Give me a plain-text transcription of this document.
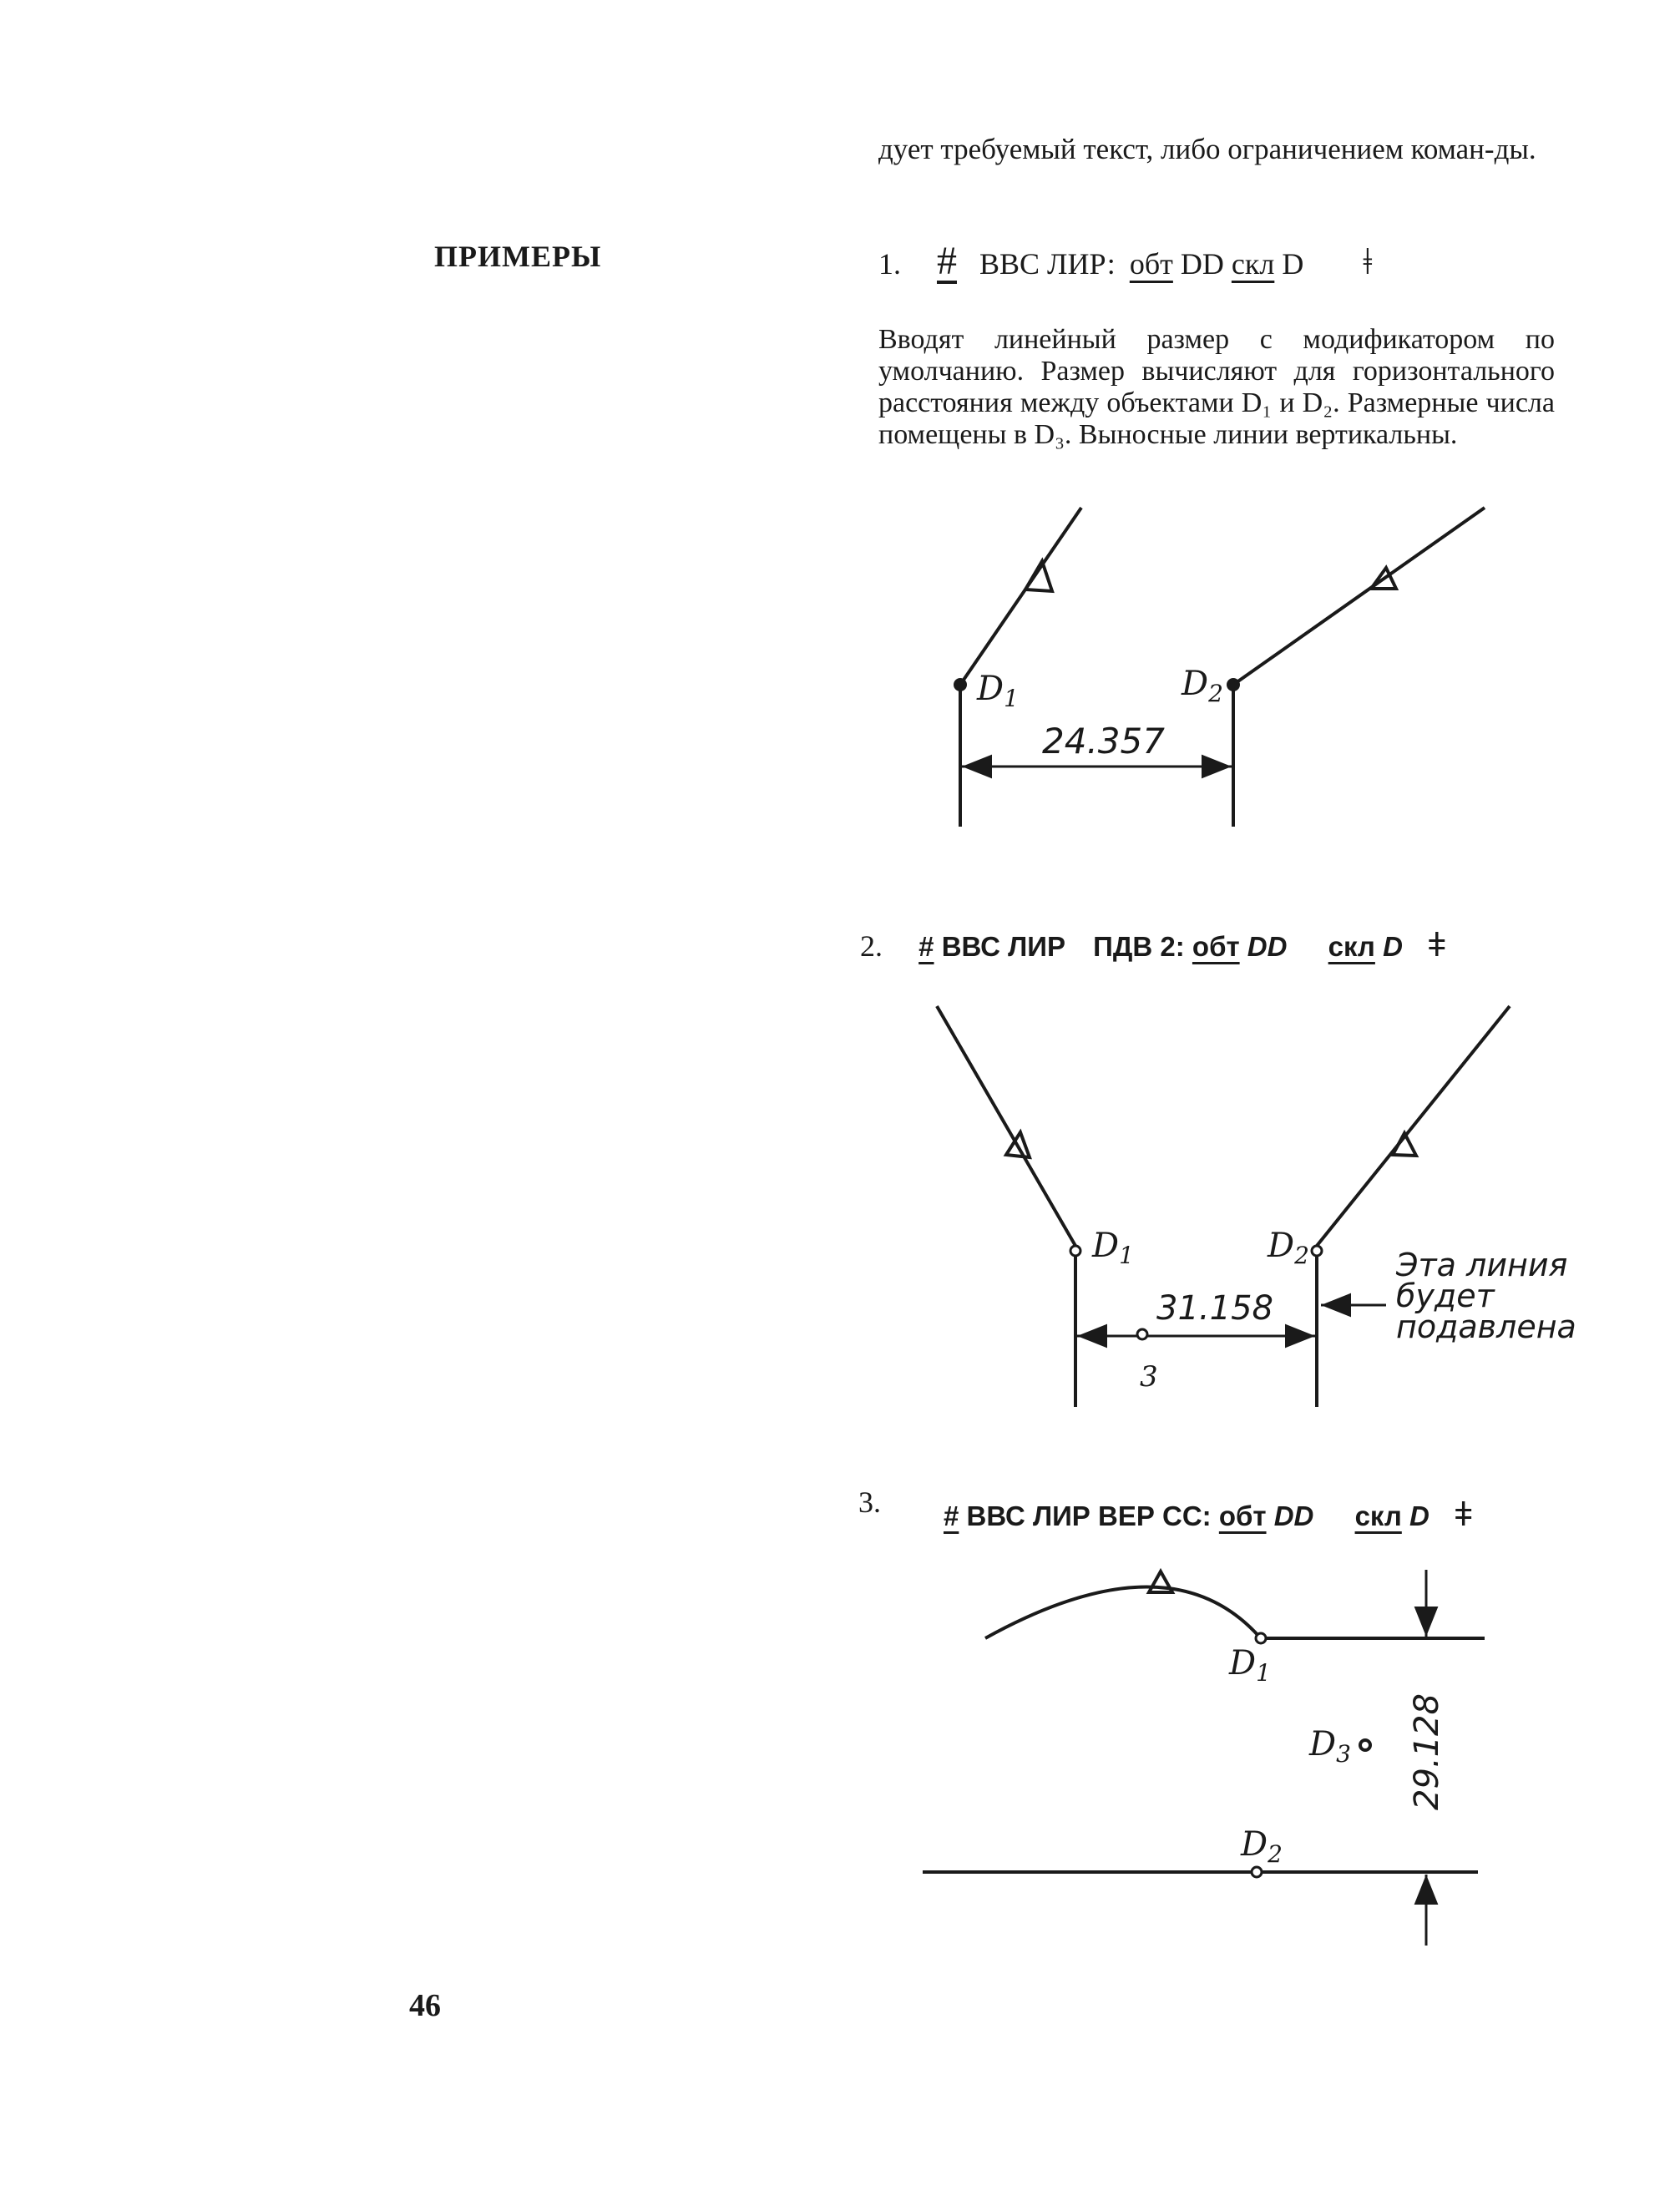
дует требуемый текст, либо ограничением коман-ды.
ПРИМЕРЫ	1. # ВВС ЛИР: обт DD скл D ǂ
Вводят линейный размер с модификатором по умолчанию. Размер вычисляют для горизонтального расстояния между объектами D₁ и D₂. Размерные числа помещены в D₃. Выносные линии вертикальны.
2. # ВВС ЛИР ПДВ 2: обт DD скл D ǂ
3. # ВВС ЛИР ВЕР СС: обт DD скл D ǂ
24.357
$D_1$	$D_2$
31.158
$D_1$	$D_2$
3
Эта линия
будет
подавлена
$D_1$
$D_2$
$D_3$ 29.128
46
